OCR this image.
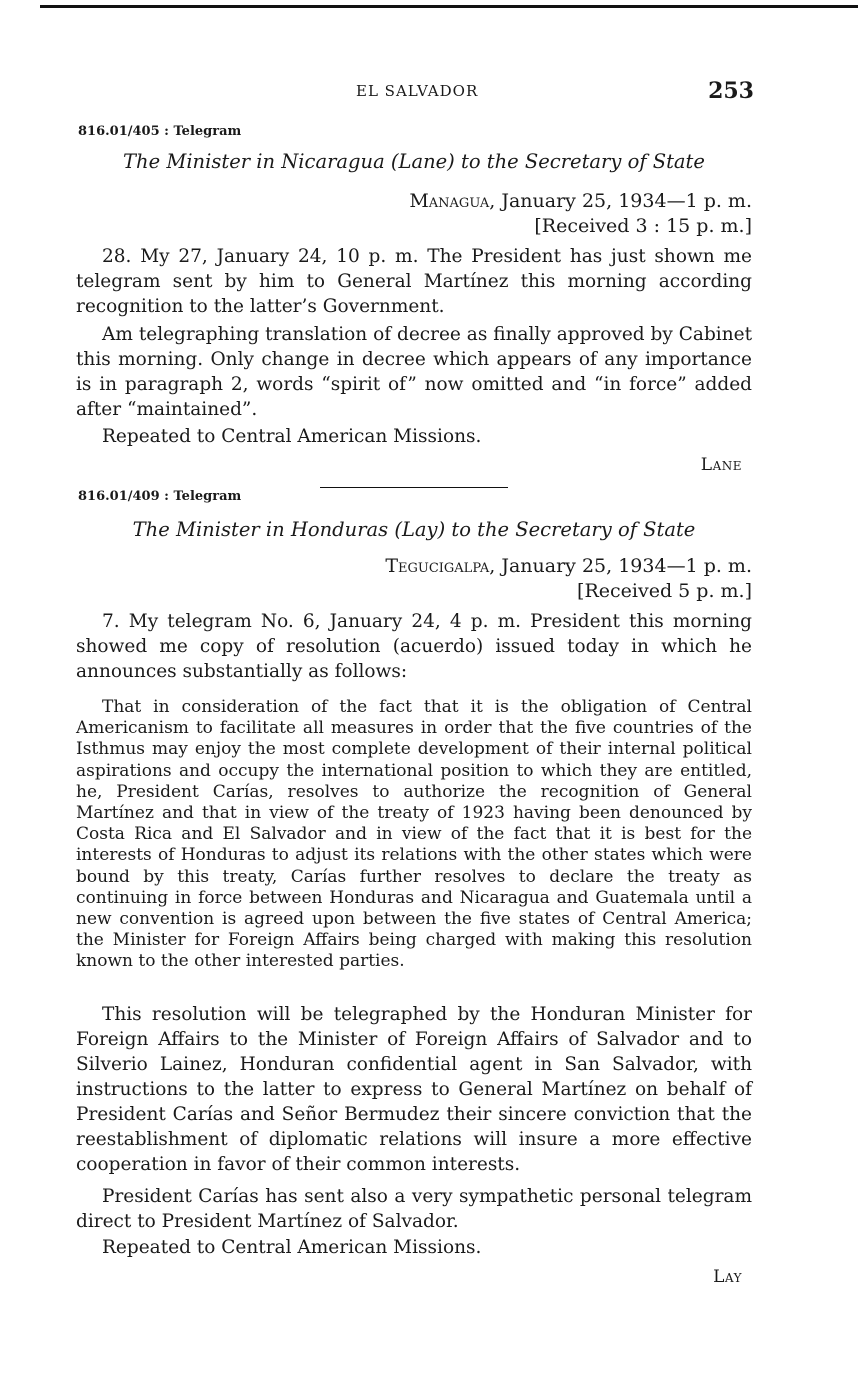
EL SALVADOR	253
816.01/405 : Telegram
The Minister in Nicaragua (Lane) to the Secretary of State
Managua, January 25, 1934—1 p. m.
[Received 3 : 15 p. m.]
28. My 27, January 24, 10 p. m. The President has just shown me telegram sent by him to General Martínez this morning according recognition to the latter’s Government.
Am telegraphing translation of decree as finally approved by Cabinet this morning. Only change in decree which appears of any importance is in paragraph 2, words “spirit of” now omitted and “in force” added after “maintained”.
Repeated to Central American Missions.
Lane
816.01/409 : Telegram
The Minister in Honduras (Lay) to the Secretary of State
Tegucigalpa, January 25, 1934—1 p. m.
[Received 5 p. m.]
7. My telegram No. 6, January 24, 4 p. m. President this morning showed me copy of resolution (acuerdo) issued today in which he announces substantially as follows:
That in consideration of the fact that it is the obligation of Central Americanism to facilitate all measures in order that the five countries of the Isthmus may enjoy the most complete development of their internal political aspirations and occupy the international position to which they are entitled, he, President Carías, resolves to authorize the recognition of General Martínez and that in view of the treaty of 1923 having been denounced by Costa Rica and El Salvador and in view of the fact that it is best for the interests of Honduras to adjust its relations with the other states which were bound by this treaty, Carías further resolves to declare the treaty as continuing in force between Honduras and Nicaragua and Guatemala until a new convention is agreed upon between the five states of Central America; the Minister for Foreign Affairs being charged with making this resolution known to the other interested parties.
This resolution will be telegraphed by the Honduran Minister for Foreign Affairs to the Minister of Foreign Affairs of Salvador and to Silverio Lainez, Honduran confidential agent in San Salvador, with instructions to the latter to express to General Martínez on behalf of President Carías and Señor Bermudez their sincere conviction that the reestablishment of diplomatic relations will insure a more effective cooperation in favor of their common interests.
President Carías has sent also a very sympathetic personal telegram direct to President Martínez of Salvador.
Repeated to Central American Missions.
Lay
